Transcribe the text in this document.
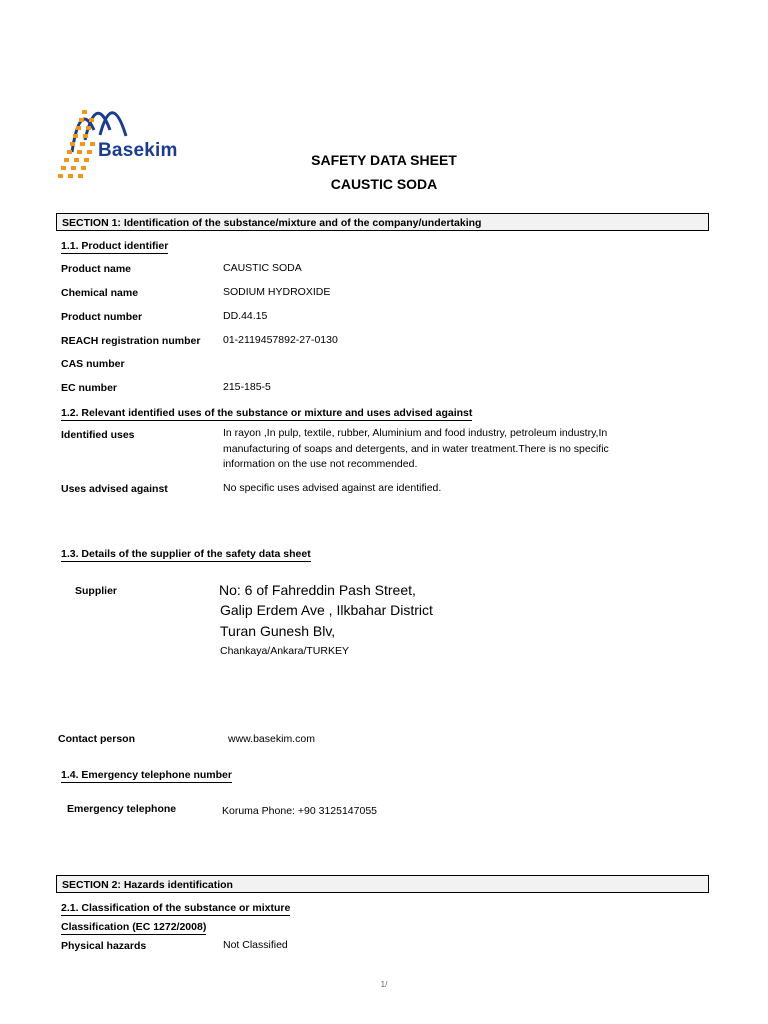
Basekim	SAFETY DATA SHEET
CAUSTIC SODA
SECTION 1: Identification of the substance/mixture and of the company/undertaking
1.1. Product identifier
Product name	CAUSTIC SODA
Chemical name	SODIUM HYDROXIDE
Product number	DD.44.15
REACH registration number 01-2119457892-27-0130
CAS number
EC number	215-185-5
1.2. Relevant identified uses of the substance or mixture and uses advised against
Identified uses	In rayon ,In pulp, textile, rubber, Aluminium and food industry, petroleum industry,In
manufacturing of soaps and detergents, and in water treatment.There is no specific
information on the use not recommended.
Uses advised against	No specific uses advised against are identified.
1.3. Details of the supplier of the safety data sheet
Supplier	No: 6 of Fahreddin Pash Street,
Galip Erdem Ave , Ilkbahar District
Turan Gunesh Blv,
Chankaya/Ankara/TURKEY
Contact person	www.basekim.com
1.4. Emergency telephone number
Emergency telephone	Koruma Phone: +90 3125147055
SECTION 2: Hazards identification
2.1. Classification of the substance or mixture
Classification (EC 1272/2008)
Physical hazards	Not Classified
1/
